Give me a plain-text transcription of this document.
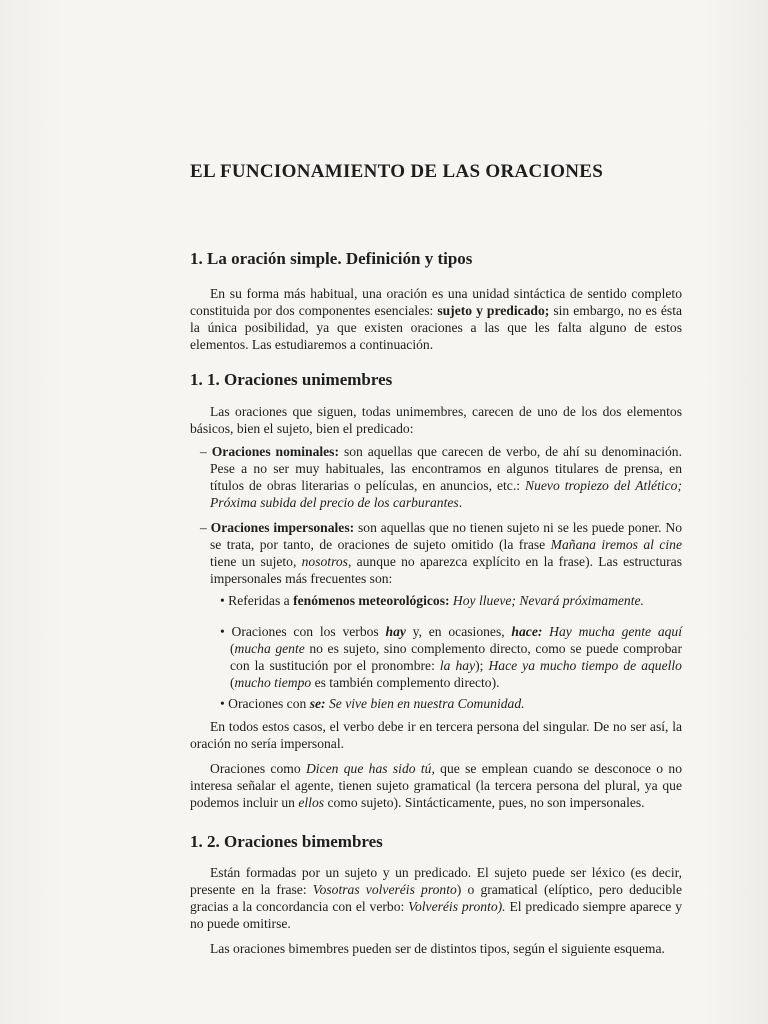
EL FUNCIONAMIENTO DE LAS ORACIONES
1. La oración simple. Definición y tipos

En su forma más habitual, una oración es una unidad sintáctica de sentido completo constituida por dos componentes esenciales: sujeto y predicado; sin embargo, no es ésta la única posibilidad, ya que existen oraciones a las que les falta alguno de estos elementos. Las estudiaremos a continuación.

1. 1. Oraciones unimembres

Las oraciones que siguen, todas unimembres, carecen de uno de los dos elementos básicos, bien el sujeto, bien el predicado:

– Oraciones nominales: son aquellas que carecen de verbo, de ahí su denominación. Pese a no ser muy habituales, las encontramos en algunos titulares de prensa, en títulos de obras literarias o películas, en anuncios, etc.: Nuevo tropiezo del Atlético; Próxima subida del precio de los carburantes.
– Oraciones impersonales: son aquellas que no tienen sujeto ni se les puede poner. No se trata, por tanto, de oraciones de sujeto omitido (la frase Mañana iremos al cine tiene un sujeto, nosotros, aunque no aparezca explícito en la frase). Las estructuras impersonales más frecuentes son:
• Referidas a fenómenos meteorológicos: Hoy llueve; Nevará próximamente.
• Oraciones con los verbos hay y, en ocasiones, hace: Hay mucha gente aquí (mucha gente no es sujeto, sino complemento directo, como se puede comprobar con la sustitución por el pronombre: la hay); Hace ya mucho tiempo de aquello (mucho tiempo es también complemento directo).
• Oraciones con se: Se vive bien en nuestra Comunidad.

En todos estos casos, el verbo debe ir en tercera persona del singular. De no ser así, la oración no sería impersonal.

Oraciones como Dicen que has sido tú, que se emplean cuando se desconoce o no interesa señalar el agente, tienen sujeto gramatical (la tercera persona del plural, ya que podemos incluir un ellos como sujeto). Sintácticamente, pues, no son impersonales.

1. 2. Oraciones bimembres

Están formadas por un sujeto y un predicado. El sujeto puede ser léxico (es decir, presente en la frase: Vosotras volveréis pronto) o gramatical (elíptico, pero deducible gracias a la concordancia con el verbo: Volveréis pronto). El predicado siempre aparece y no puede omitirse.

Las oraciones bimembres pueden ser de distintos tipos, según el siguiente esquema.
